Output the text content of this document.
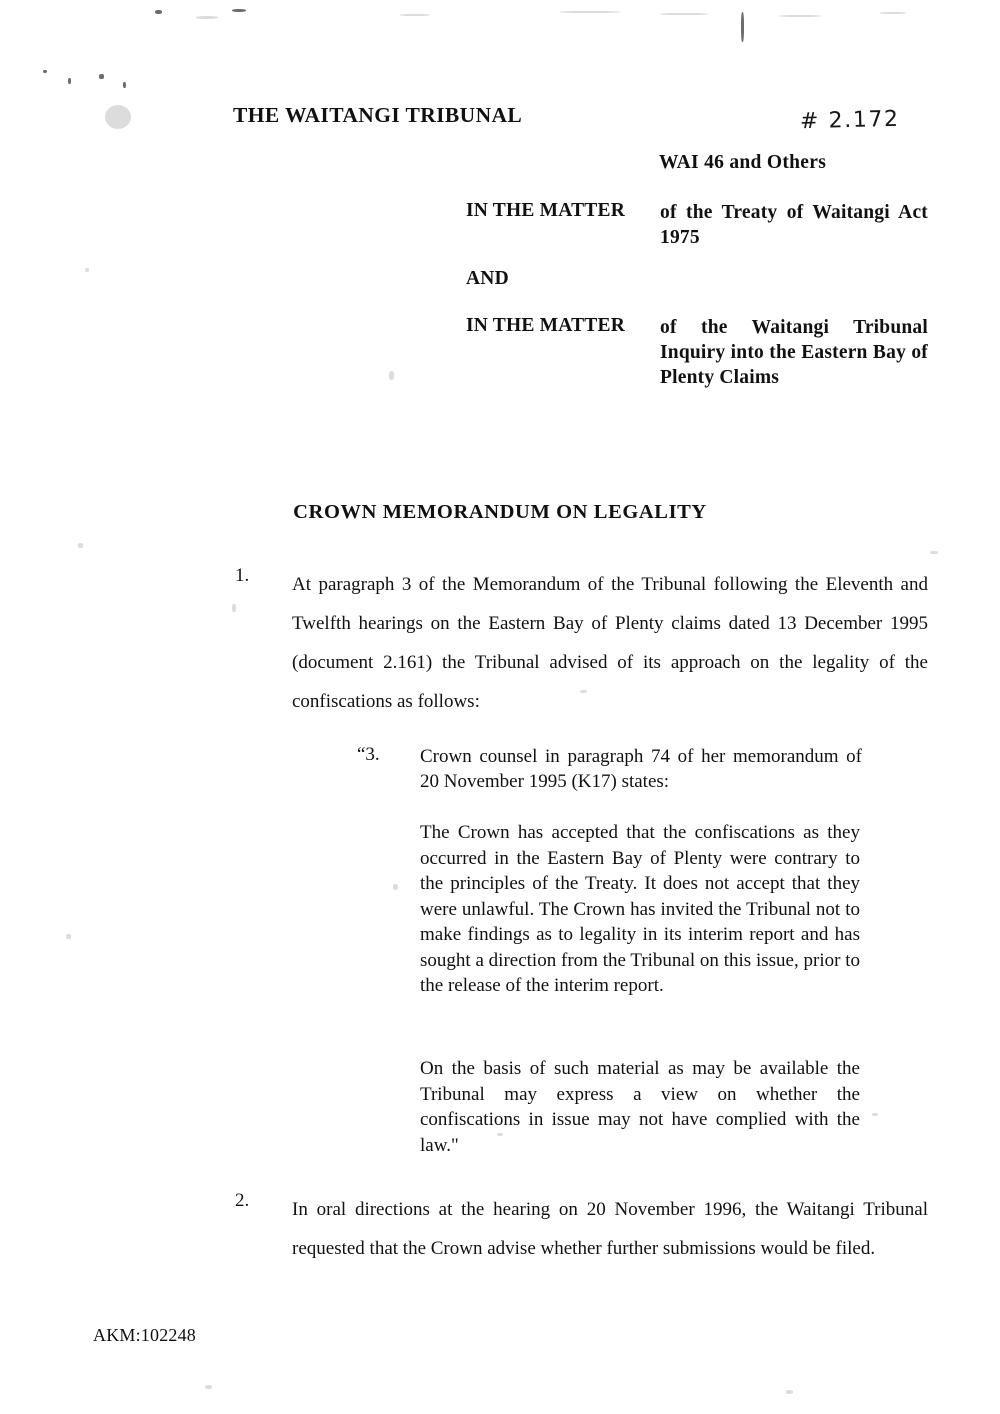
THE WAITANGI TRIBUNAL	# 2.172
WAI 46 and Others
IN THE MATTER	of the Treaty of Waitangi Act 1975
AND
IN THE MATTER	of the Waitangi Tribunal Inquiry into the Eastern Bay of Plenty Claims
CROWN MEMORANDUM ON LEGALITY
1.	At paragraph 3 of the Memorandum of the Tribunal following the Eleventh and Twelfth hearings on the Eastern Bay of Plenty claims dated 13 December 1995 (document 2.161) the Tribunal advised of its approach on the legality of the confiscations as follows:
“3.	Crown counsel in paragraph 74 of her memorandum of 20 November 1995 (K17) states:
The Crown has accepted that the confiscations as they occurred in the Eastern Bay of Plenty were contrary to the principles of the Treaty. It does not accept that they were unlawful. The Crown has invited the Tribunal not to make findings as to legality in its interim report and has sought a direction from the Tribunal on this issue, prior to the release of the interim report.
On the basis of such material as may be available the Tribunal may express a view on whether the confiscations in issue may not have complied with the law."
2.	In oral directions at the hearing on 20 November 1996, the Waitangi Tribunal requested that the Crown advise whether further submissions would be filed.
AKM:102248
